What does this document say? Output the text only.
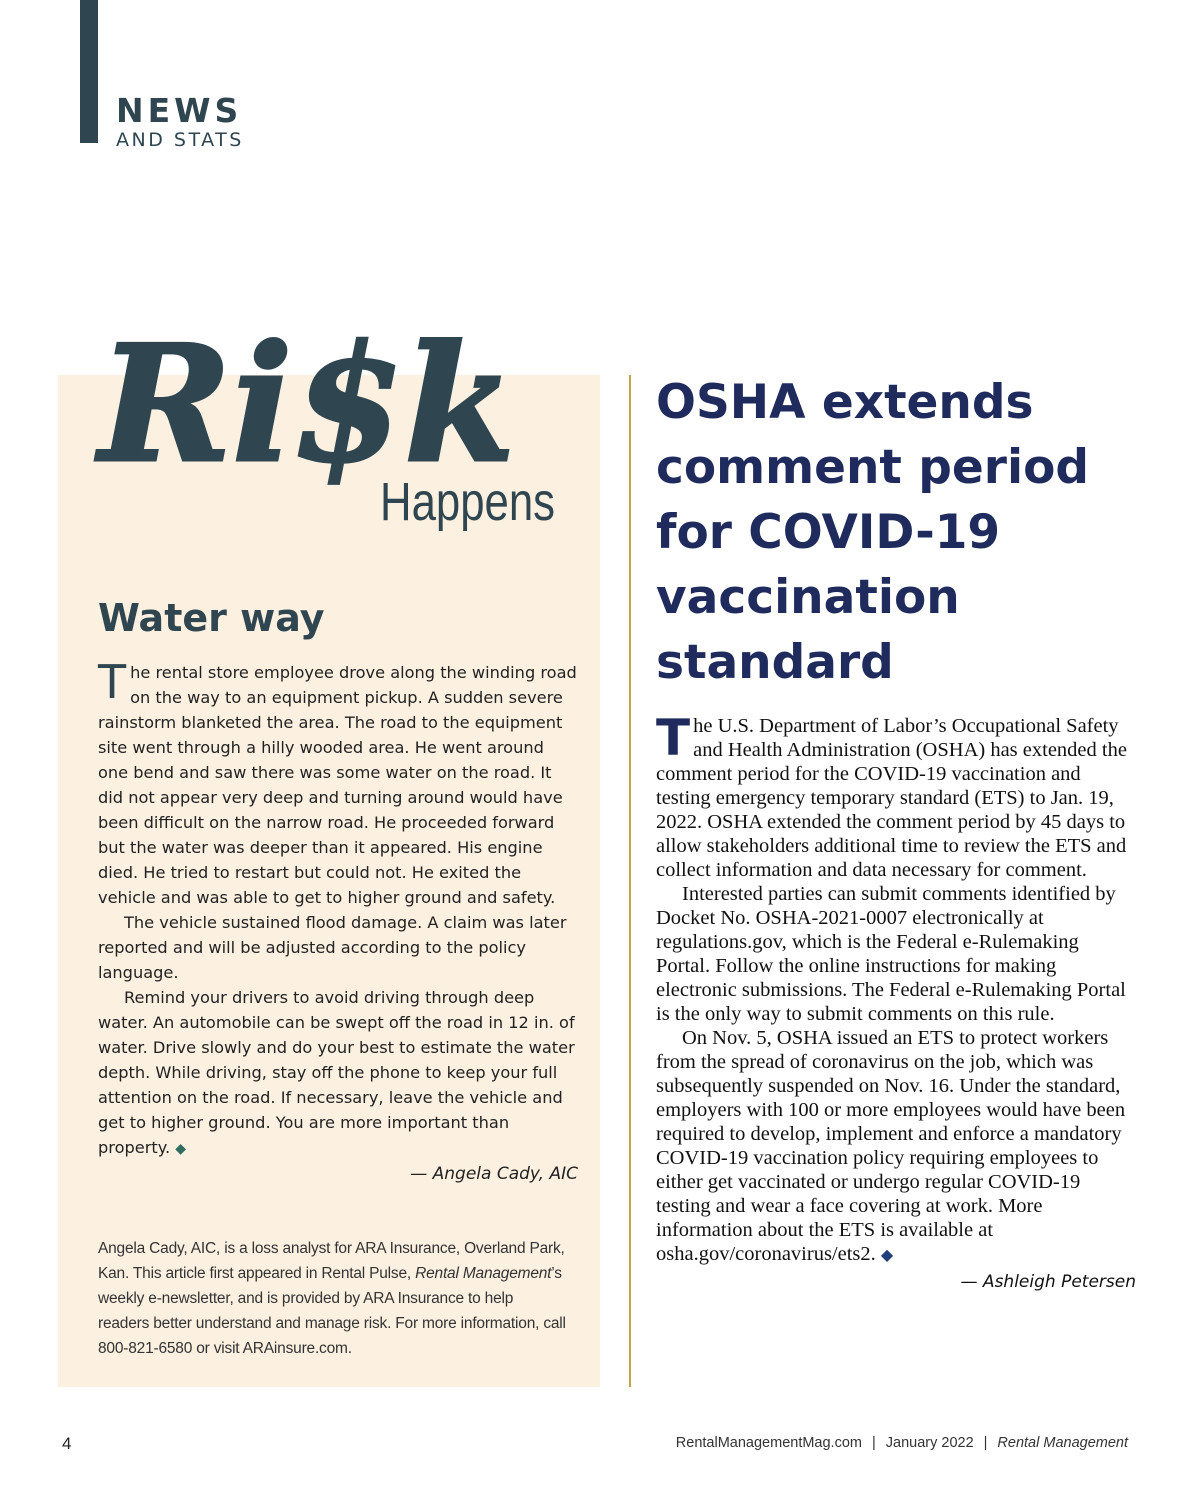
NEWS
AND STATS
Ri$k
Happens
Water way

The rental store employee drove along the winding road on the way to an equipment pickup. A sudden severe rainstorm blanketed the area. The road to the equipment site went through a hilly wooded area. He went around one bend and saw there was some water on the road. It did not appear very deep and turning around would have been difficult on the narrow road. He proceeded forward but the water was deeper than it appeared. His engine died. He tried to restart but could not. He exited the vehicle and was able to get to higher ground and safety.

The vehicle sustained flood damage. A claim was later reported and will be adjusted according to the policy language.

Remind your drivers to avoid driving through deep water. An automobile can be swept off the road in 12 in. of water. Drive slowly and do your best to estimate the water depth. While driving, stay off the phone to keep your full attention on the road. If necessary, leave the vehicle and get to higher ground. You are more important than property. ◆

— Angela Cady, AIC
Angela Cady, AIC, is a loss analyst for ARA Insurance, Overland Park, Kan. This article first appeared in Rental Pulse, Rental Management’s weekly e-newsletter, and is provided by ARA Insurance to help readers better understand and manage risk. For more information, call 800-821-6580 or visit ARAinsure.com.
OSHA extends comment period for COVID-19 vaccination standard

The U.S. Department of Labor’s Occupational Safety and Health Administration (OSHA) has extended the comment period for the COVID-19 vaccination and testing emergency temporary standard (ETS) to Jan. 19, 2022. OSHA extended the comment period by 45 days to allow stakeholders additional time to review the ETS and collect information and data necessary for comment.

Interested parties can submit comments identified by Docket No. OSHA-2021-0007 electronically at regulations.gov, which is the Federal e-Rulemaking Portal. Follow the online instructions for making electronic submissions. The Federal e-Rulemaking Portal is the only way to submit comments on this rule.

On Nov. 5, OSHA issued an ETS to protect workers from the spread of coronavirus on the job, which was subsequently suspended on Nov. 16. Under the standard, employers with 100 or more employees would have been required to develop, implement and enforce a mandatory COVID-19 vaccination policy requiring employees to either get vaccinated or undergo regular COVID-19 testing and wear a face covering at work. More information about the ETS is available at osha.gov/coronavirus/ets2. ◆

— Ashleigh Petersen
4	RentalManagementMag.com | January 2022 | Rental Management
